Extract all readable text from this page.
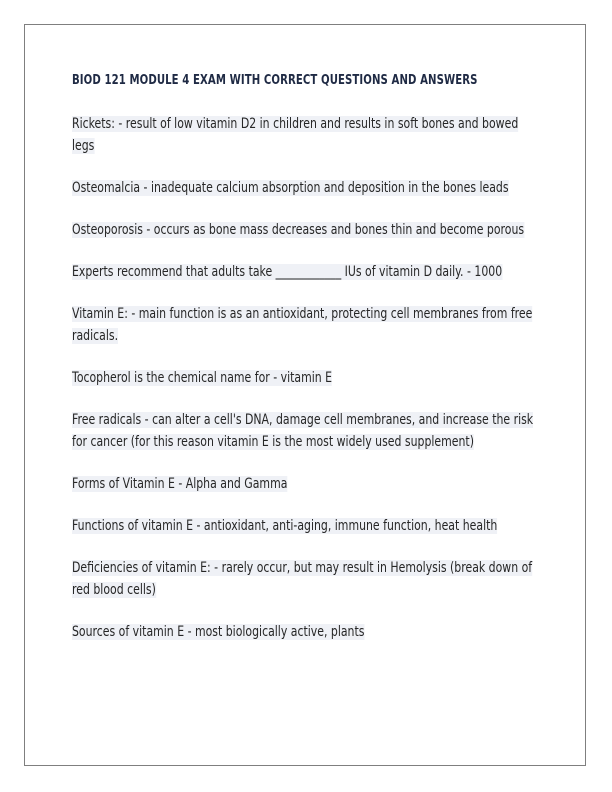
BIOD 121 MODULE 4 EXAM WITH CORRECT QUESTIONS AND ANSWERS
Rickets: - result of low vitamin D2 in children and results in soft bones and bowed legs
Osteomalcia - inadequate calcium absorption and deposition in the bones leads
Osteoporosis - occurs as bone mass decreases and bones thin and become porous
Experts recommend that adults take ____________ IUs of vitamin D daily. - 1000
Vitamin E: - main function is as an antioxidant, protecting cell membranes from free radicals.
Tocopherol is the chemical name for - vitamin E
Free radicals - can alter a cell's DNA, damage cell membranes, and increase the risk for cancer (for this reason vitamin E is the most widely used supplement)
Forms of Vitamin E - Alpha and Gamma
Functions of vitamin E - antioxidant, anti-aging, immune function, heat health
Deficiencies of vitamin E: - rarely occur, but may result in Hemolysis (break down of red blood cells)
Sources of vitamin E - most biologically active, plants
